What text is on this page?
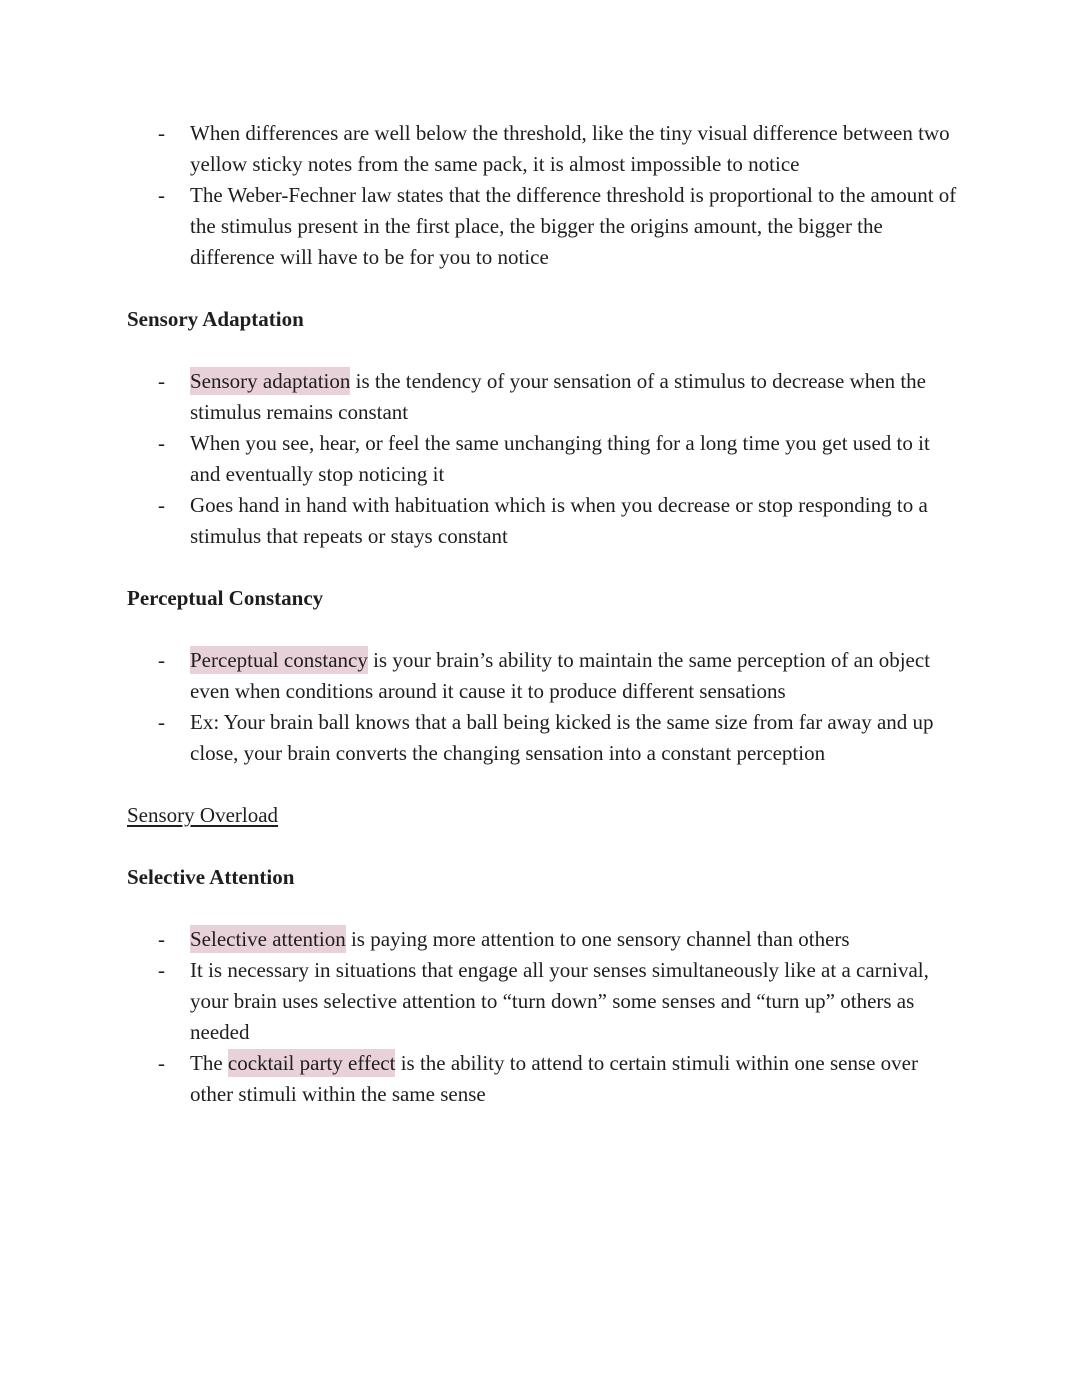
-	When differences are well below the threshold, like the tiny visual difference between two yellow sticky notes from the same pack, it is almost impossible to notice
-	The Weber-Fechner law states that the difference threshold is proportional to the amount of the stimulus present in the first place, the bigger the origins amount, the bigger the difference will have to be for you to notice
Sensory Adaptation
-	Sensory adaptation is the tendency of your sensation of a stimulus to decrease when the stimulus remains constant
-	When you see, hear, or feel the same unchanging thing for a long time you get used to it and eventually stop noticing it
-	Goes hand in hand with habituation which is when you decrease or stop responding to a stimulus that repeats or stays constant
Perceptual Constancy
-	Perceptual constancy is your brain’s ability to maintain the same perception of an object even when conditions around it cause it to produce different sensations
-	Ex: Your brain ball knows that a ball being kicked is the same size from far away and up close, your brain converts the changing sensation into a constant perception
Sensory Overload
Selective Attention
-	Selective attention is paying more attention to one sensory channel than others
-	It is necessary in situations that engage all your senses simultaneously like at a carnival, your brain uses selective attention to “turn down” some senses and “turn up” others as needed
-	The cocktail party effect is the ability to attend to certain stimuli within one sense over other stimuli within the same sense
